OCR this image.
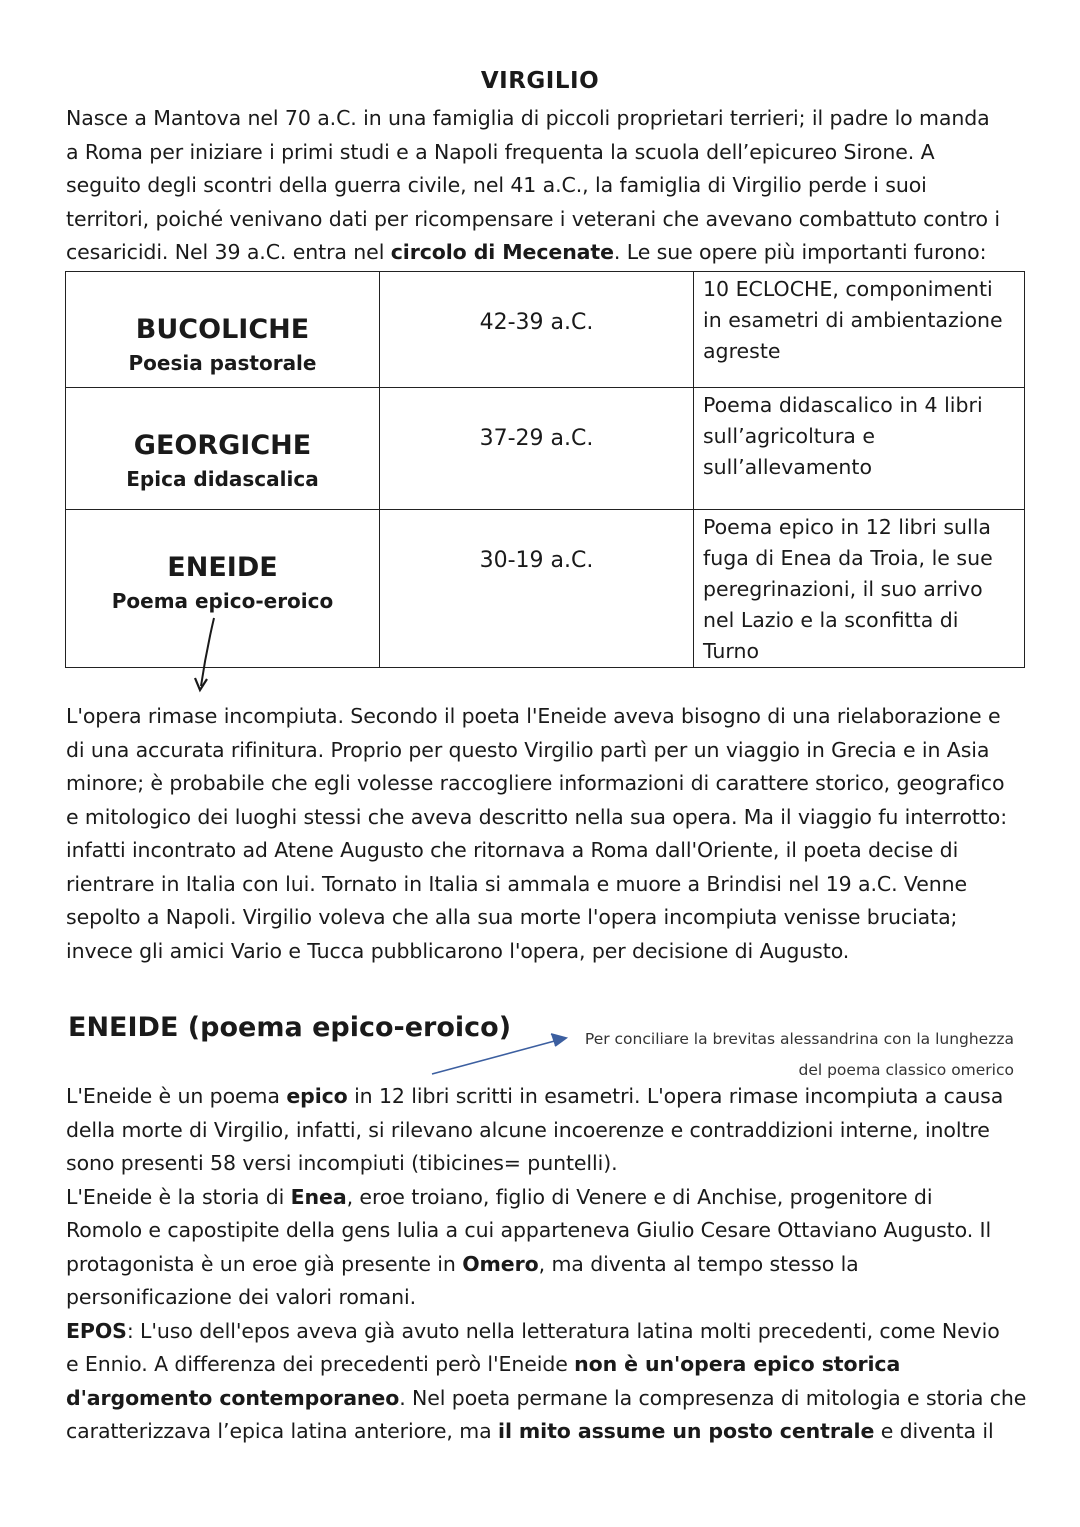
VIRGILIO
Nasce a Mantova nel 70 a.C. in una famiglia di piccoli proprietari terrieri; il padre lo manda
a Roma per iniziare i primi studi e a Napoli frequenta la scuola dell’epicureo Sirone. A
seguito degli scontri della guerra civile, nel 41 a.C., la famiglia di Virgilio perde i suoi
territori, poiché venivano dati per ricompensare i veterani che avevano combattuto contro i
cesaricidi. Nel 39 a.C. entra nel circolo di Mecenate. Le sue opere più importanti furono:
BUCOLICHE
Poesia pastorale	42-39 a.C.	10 ECLOCHE, componimenti in esametri di ambientazione agreste

GEORGICHE
Epica didascalica	37-29 a.C.	Poema didascalico in 4 libri sull’agricoltura e sull’allevamento

ENEIDE
Poema epico-eroico	30-19 a.C.	Poema epico in 12 libri sulla fuga di Enea da Troia, le sue peregrinazioni, il suo arrivo nel Lazio e la sconfitta di Turno
L'opera rimase incompiuta. Secondo il poeta l'Eneide aveva bisogno di una rielaborazione e
di una accurata rifinitura. Proprio per questo Virgilio partì per un viaggio in Grecia e in Asia
minore; è probabile che egli volesse raccogliere informazioni di carattere storico, geografico
e mitologico dei luoghi stessi che aveva descritto nella sua opera. Ma il viaggio fu interrotto:
infatti incontrato ad Atene Augusto che ritornava a Roma dall'Oriente, il poeta decise di
rientrare in Italia con lui. Tornato in Italia si ammala e muore a Brindisi nel 19 a.C. Venne
sepolto a Napoli. Virgilio voleva che alla sua morte l'opera incompiuta venisse bruciata;
invece gli amici Vario e Tucca pubblicarono l'opera, per decisione di Augusto.
ENEIDE (poema epico-eroico)	Per conciliare la brevitas alessandrina con la lunghezza
del poema classico omerico
L'Eneide è un poema epico in 12 libri scritti in esametri. L'opera rimase incompiuta a causa
della morte di Virgilio, infatti, si rilevano alcune incoerenze e contraddizioni interne, inoltre
sono presenti 58 versi incompiuti (tibicines= puntelli).
L'Eneide è la storia di Enea, eroe troiano, figlio di Venere e di Anchise, progenitore di
Romolo e capostipite della gens Iulia a cui apparteneva Giulio Cesare Ottaviano Augusto. Il
protagonista è un eroe già presente in Omero, ma diventa al tempo stesso la
personificazione dei valori romani.
EPOS: L'uso dell'epos aveva già avuto nella letteratura latina molti precedenti, come Nevio
e Ennio. A differenza dei precedenti però l'Eneide non è un'opera epico storica
d'argomento contemporaneo. Nel poeta permane la compresenza di mitologia e storia che
caratterizzava l’epica latina anteriore, ma il mito assume un posto centrale e diventa il
